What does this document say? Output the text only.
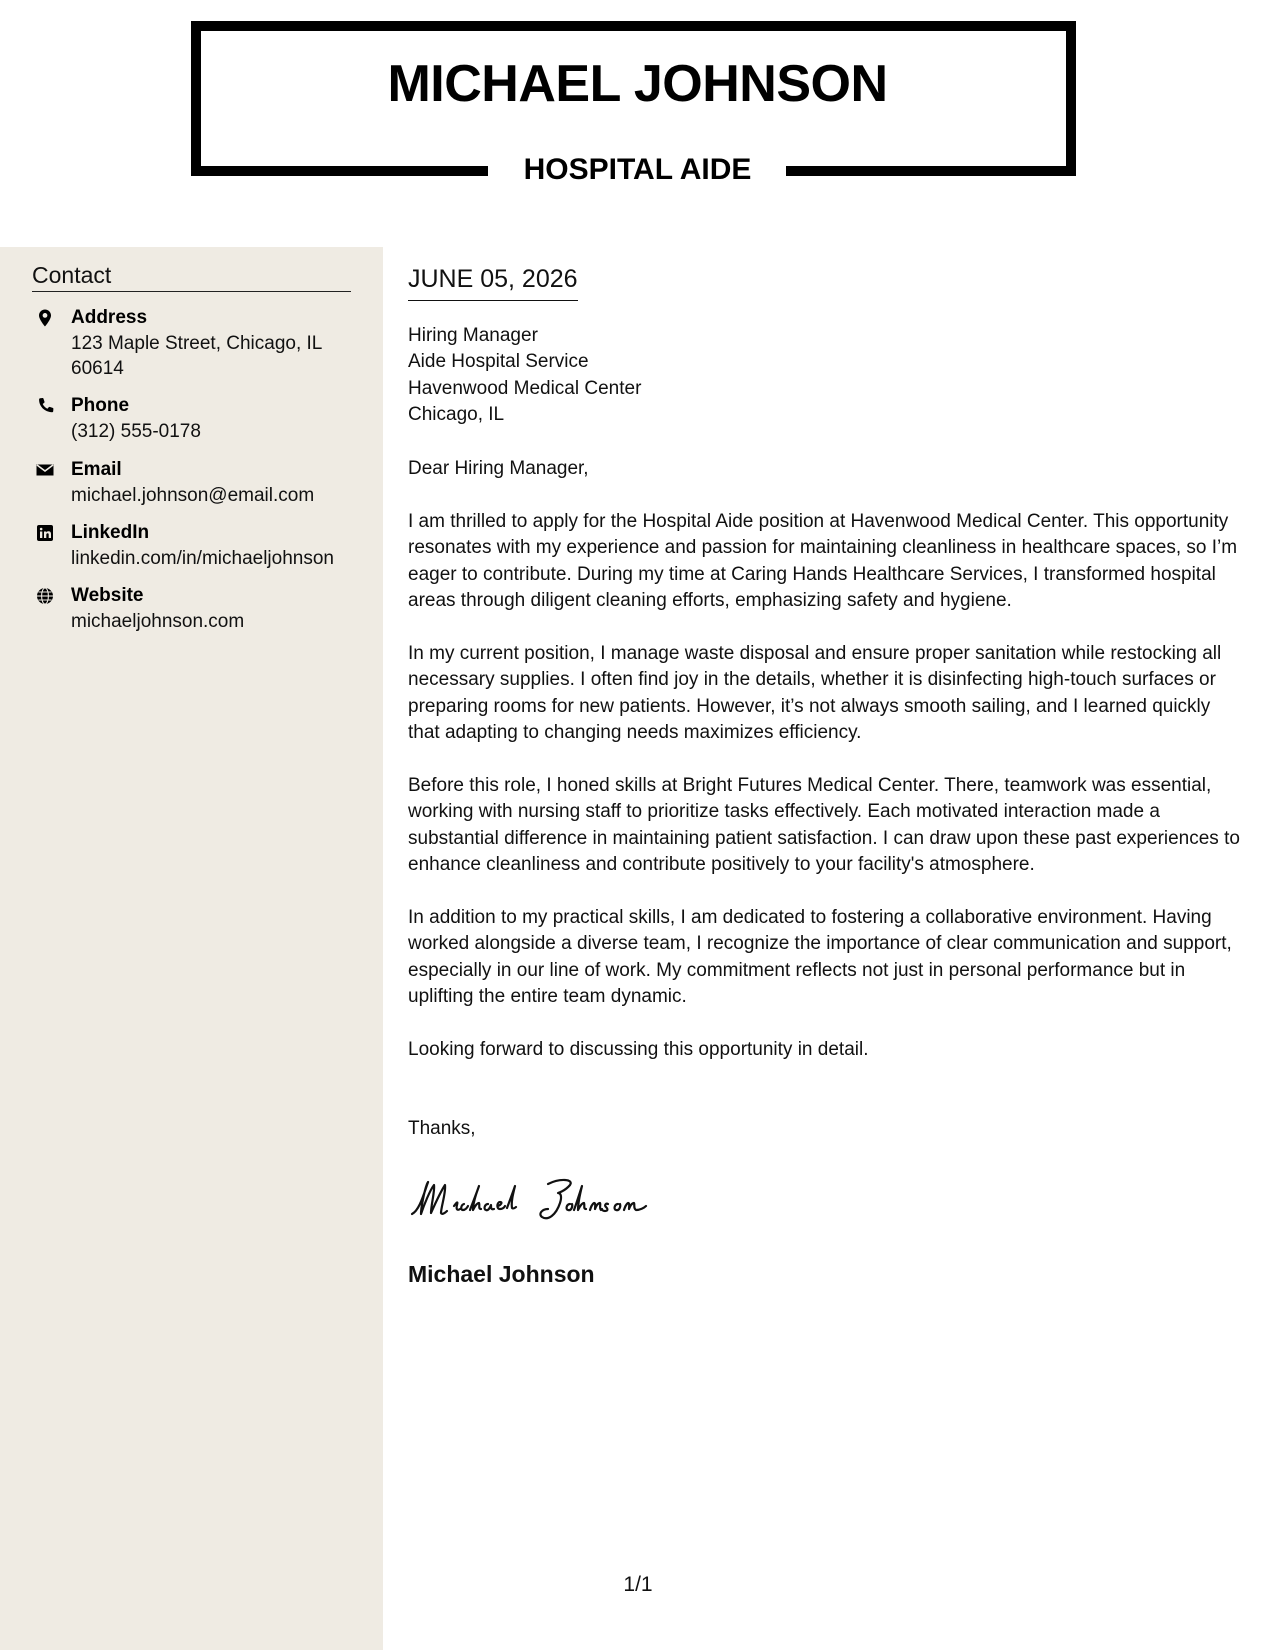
MICHAEL JOHNSON
HOSPITAL AIDE
Contact
Address
123 Maple Street, Chicago, IL 60614
Phone
(312) 555-0178
Email
michael.johnson@email.com
LinkedIn
linkedin.com/in/michaeljohnson
Website
michaeljohnson.com
JUNE 05, 2026
Hiring Manager
Aide Hospital Service
Havenwood Medical Center
Chicago, IL
Dear Hiring Manager,

I am thrilled to apply for the Hospital Aide position at Havenwood Medical Center. This opportunity resonates with my experience and passion for maintaining cleanliness in healthcare spaces, so I’m eager to contribute. During my time at Caring Hands Healthcare Services, I transformed hospital areas through diligent cleaning efforts, emphasizing safety and hygiene.

In my current position, I manage waste disposal and ensure proper sanitation while restocking all necessary supplies. I often find joy in the details, whether it is disinfecting high-touch surfaces or preparing rooms for new patients. However, it’s not always smooth sailing, and I learned quickly that adapting to changing needs maximizes efficiency.

Before this role, I honed skills at Bright Futures Medical Center. There, teamwork was essential, working with nursing staff to prioritize tasks effectively. Each motivated interaction made a substantial difference in maintaining patient satisfaction. I can draw upon these past experiences to enhance cleanliness and contribute positively to your facility's atmosphere.

In addition to my practical skills, I am dedicated to fostering a collaborative environment. Having worked alongside a diverse team, I recognize the importance of clear communication and support, especially in our line of work. My commitment reflects not just in personal performance but in uplifting the entire team dynamic.

Looking forward to discussing this opportunity in detail.

Thanks,
Michael Johnson
1/1
